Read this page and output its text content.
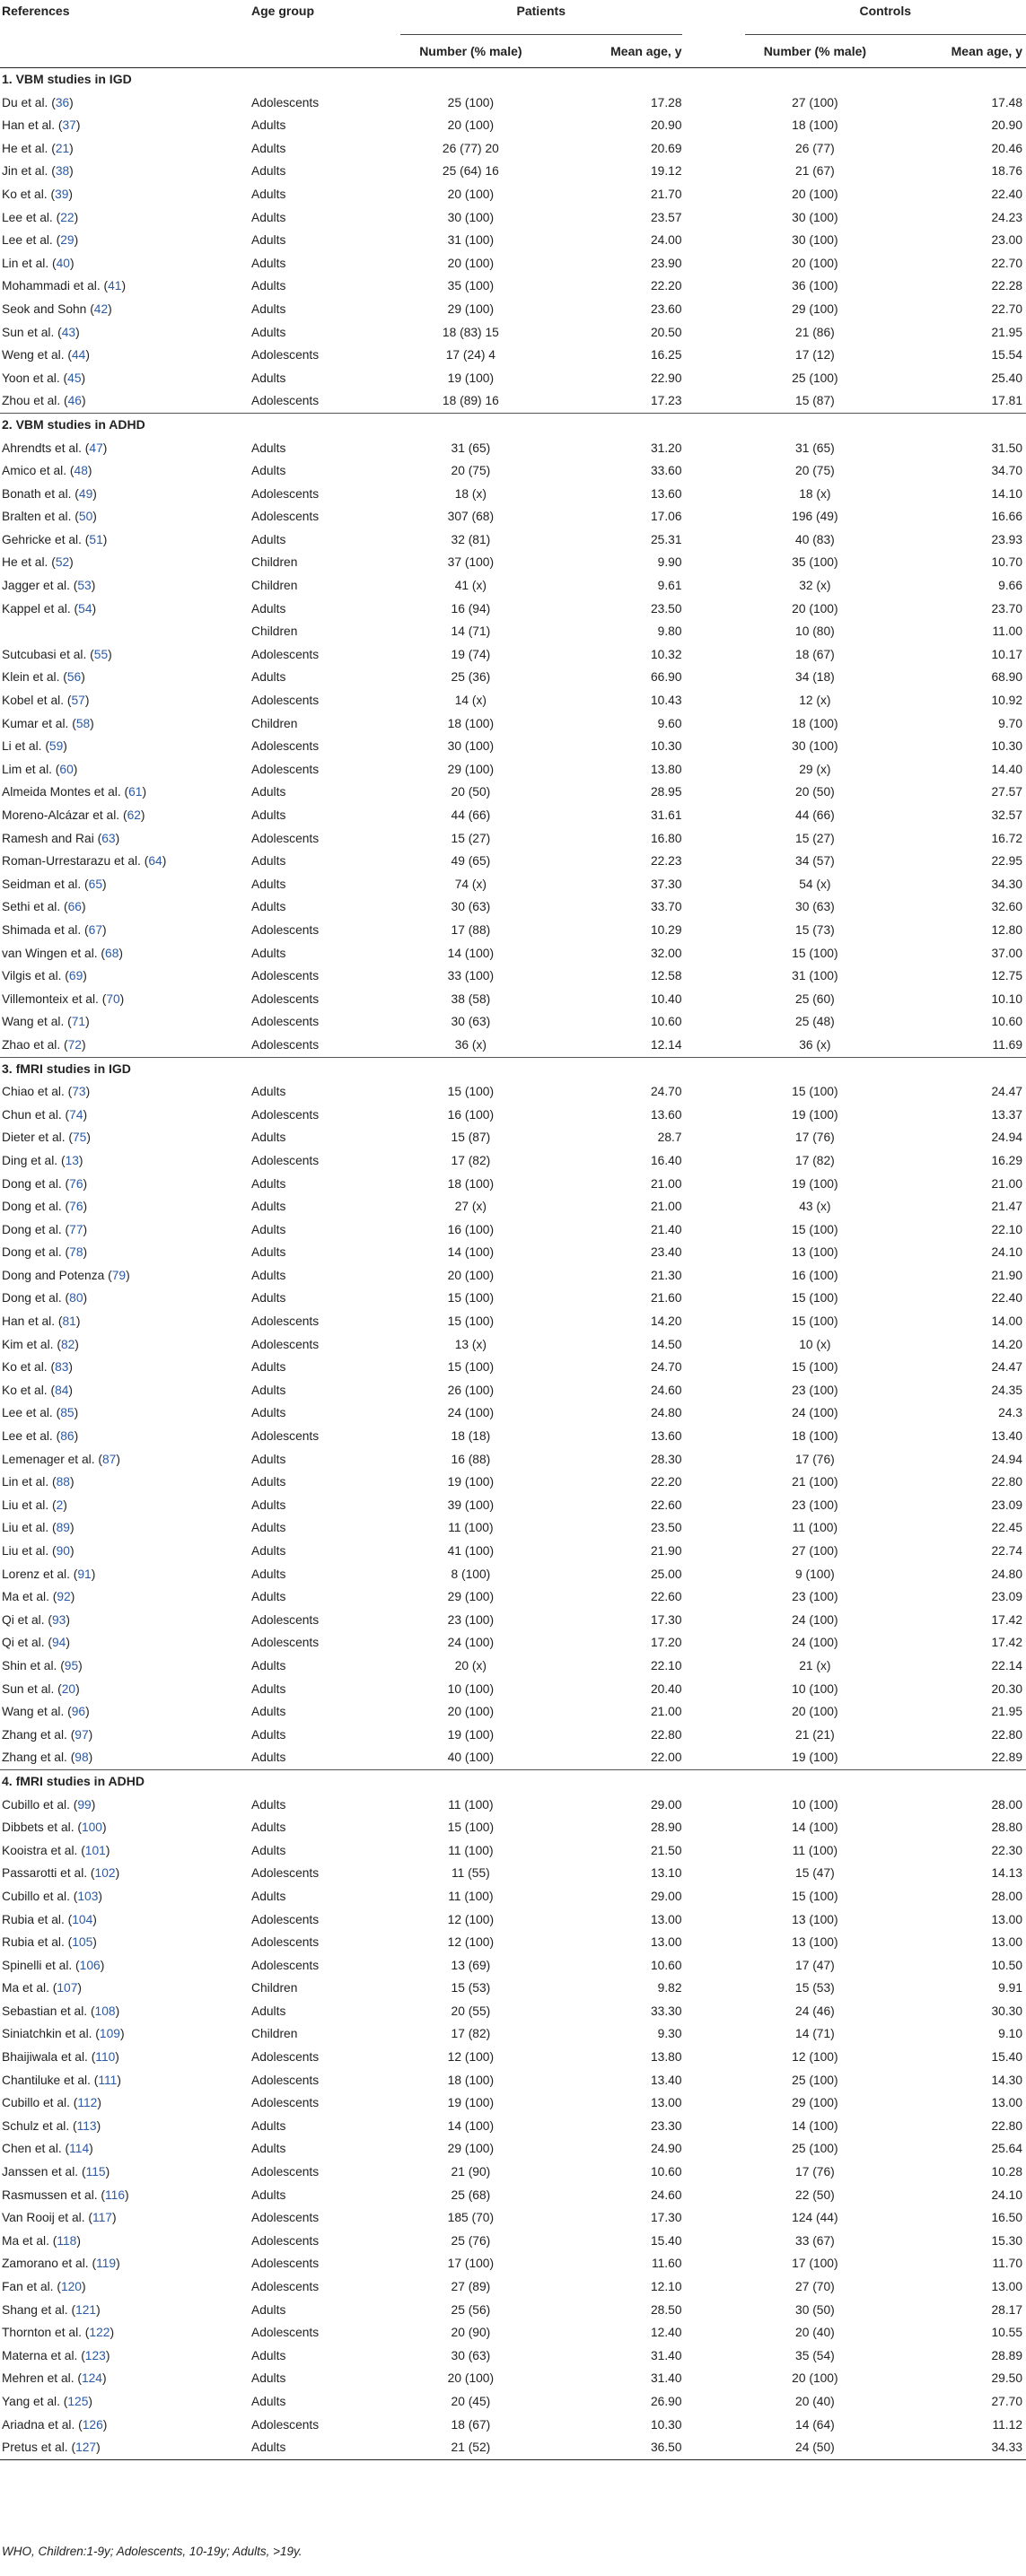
References	Age group	Patients			Controls	
		Number (% male)	Mean age, y		Number (% male)	Mean age, y
1. VBM studies in IGD						
Du et al. (36)	Adolescents	25 (100)	17.28		27 (100)	17.48
Han et al. (37)	Adults	20 (100)	20.90		18 (100)	20.90
He et al. (21)	Adults	26 (77) 20	20.69		26 (77)	20.46
Jin et al. (38)	Adults	25 (64) 16	19.12		21 (67)	18.76
Ko et al. (39)	Adults	20 (100)	21.70		20 (100)	22.40
Lee et al. (22)	Adults	30 (100)	23.57		30 (100)	24.23
Lee et al. (29)	Adults	31 (100)	24.00		30 (100)	23.00
Lin et al. (40)	Adults	20 (100)	23.90		20 (100)	22.70
Mohammadi et al. (41)	Adults	35 (100)	22.20		36 (100)	22.28
Seok and Sohn (42)	Adults	29 (100)	23.60		29 (100)	22.70
Sun et al. (43)	Adults	18 (83) 15	20.50		21 (86)	21.95
Weng et al. (44)	Adolescents	17 (24) 4	16.25		17 (12)	15.54
Yoon et al. (45)	Adults	19 (100)	22.90		25 (100)	25.40
Zhou et al. (46)	Adolescents	18 (89) 16	17.23		15 (87)	17.81
2. VBM studies in ADHD						
Ahrendts et al. (47)	Adults	31 (65)	31.20		31 (65)	31.50
Amico et al. (48)	Adults	20 (75)	33.60		20 (75)	34.70
Bonath et al. (49)	Adolescents	18 (x)	13.60		18 (x)	14.10
Bralten et al. (50)	Adolescents	307 (68)	17.06		196 (49)	16.66
Gehricke et al. (51)	Adults	32 (81)	25.31		40 (83)	23.93
He et al. (52)	Children	37 (100)	9.90		35 (100)	10.70
Jagger et al. (53)	Children	41 (x)	9.61		32 (x)	9.66
Kappel et al. (54)	Adults	16 (94)	23.50		20 (100)	23.70
	Children	14 (71)	9.80		10 (80)	11.00
Sutcubasi et al. (55)	Adolescents	19 (74)	10.32		18 (67)	10.17
Klein et al. (56)	Adults	25 (36)	66.90		34 (18)	68.90
Kobel et al. (57)	Adolescents	14 (x)	10.43		12 (x)	10.92
Kumar et al. (58)	Children	18 (100)	9.60		18 (100)	9.70
Li et al. (59)	Adolescents	30 (100)	10.30		30 (100)	10.30
Lim et al. (60)	Adolescents	29 (100)	13.80		29 (x)	14.40
Almeida Montes et al. (61)	Adults	20 (50)	28.95		20 (50)	27.57
Moreno-Alcázar et al. (62)	Adults	44 (66)	31.61		44 (66)	32.57
Ramesh and Rai (63)	Adolescents	15 (27)	16.80		15 (27)	16.72
Roman-Urrestarazu et al. (64)	Adults	49 (65)	22.23		34 (57)	22.95
Seidman et al. (65)	Adults	74 (x)	37.30		54 (x)	34.30
Sethi et al. (66)	Adults	30 (63)	33.70		30 (63)	32.60
Shimada et al. (67)	Adolescents	17 (88)	10.29		15 (73)	12.80
van Wingen et al. (68)	Adults	14 (100)	32.00		15 (100)	37.00
Vilgis et al. (69)	Adolescents	33 (100)	12.58		31 (100)	12.75
Villemonteix et al. (70)	Adolescents	38 (58)	10.40		25 (60)	10.10
Wang et al. (71)	Adolescents	30 (63)	10.60		25 (48)	10.60
Zhao et al. (72)	Adolescents	36 (x)	12.14		36 (x)	11.69
3. fMRI studies in IGD						
Chiao et al. (73)	Adults	15 (100)	24.70		15 (100)	24.47
Chun et al. (74)	Adolescents	16 (100)	13.60		19 (100)	13.37
Dieter et al. (75)	Adults	15 (87)	28.7		17 (76)	24.94
Ding et al. (13)	Adolescents	17 (82)	16.40		17 (82)	16.29
Dong et al. (76)	Adults	18 (100)	21.00		19 (100)	21.00
Dong et al. (76)	Adults	27 (x)	21.00		43 (x)	21.47
Dong et al. (77)	Adults	16 (100)	21.40		15 (100)	22.10
Dong et al. (78)	Adults	14 (100)	23.40		13 (100)	24.10
Dong and Potenza (79)	Adults	20 (100)	21.30		16 (100)	21.90
Dong et al. (80)	Adults	15 (100)	21.60		15 (100)	22.40
Han et al. (81)	Adolescents	15 (100)	14.20		15 (100)	14.00
Kim et al. (82)	Adolescents	13 (x)	14.50		10 (x)	14.20
Ko et al. (83)	Adults	15 (100)	24.70		15 (100)	24.47
Ko et al. (84)	Adults	26 (100)	24.60		23 (100)	24.35
Lee et al. (85)	Adults	24 (100)	24.80		24 (100)	24.3
Lee et al. (86)	Adolescents	18 (18)	13.60		18 (100)	13.40
Lemenager et al. (87)	Adults	16 (88)	28.30		17 (76)	24.94
Lin et al. (88)	Adults	19 (100)	22.20		21 (100)	22.80
Liu et al. (2)	Adults	39 (100)	22.60		23 (100)	23.09
Liu et al. (89)	Adults	11 (100)	23.50		11 (100)	22.45
Liu et al. (90)	Adults	41 (100)	21.90		27 (100)	22.74
Lorenz et al. (91)	Adults	8 (100)	25.00		9 (100)	24.80
Ma et al. (92)	Adults	29 (100)	22.60		23 (100)	23.09
Qi et al. (93)	Adolescents	23 (100)	17.30		24 (100)	17.42
Qi et al. (94)	Adolescents	24 (100)	17.20		24 (100)	17.42
Shin et al. (95)	Adults	20 (x)	22.10		21 (x)	22.14
Sun et al. (20)	Adults	10 (100)	20.40		10 (100)	20.30
Wang et al. (96)	Adults	20 (100)	21.00		20 (100)	21.95
Zhang et al. (97)	Adults	19 (100)	22.80		21 (21)	22.80
Zhang et al. (98)	Adults	40 (100)	22.00		19 (100)	22.89
4. fMRI studies in ADHD						
Cubillo et al. (99)	Adults	11 (100)	29.00		10 (100)	28.00
Dibbets et al. (100)	Adults	15 (100)	28.90		14 (100)	28.80
Kooistra et al. (101)	Adults	11 (100)	21.50		11 (100)	22.30
Passarotti et al. (102)	Adolescents	11 (55)	13.10		15 (47)	14.13
Cubillo et al. (103)	Adults	11 (100)	29.00		15 (100)	28.00
Rubia et al. (104)	Adolescents	12 (100)	13.00		13 (100)	13.00
Rubia et al. (105)	Adolescents	12 (100)	13.00		13 (100)	13.00
Spinelli et al. (106)	Adolescents	13 (69)	10.60		17 (47)	10.50
Ma et al. (107)	Children	15 (53)	9.82		15 (53)	9.91
Sebastian et al. (108)	Adults	20 (55)	33.30		24 (46)	30.30
Siniatchkin et al. (109)	Children	17 (82)	9.30		14 (71)	9.10
Bhaijiwala et al. (110)	Adolescents	12 (100)	13.80		12 (100)	15.40
Chantiluke et al. (111)	Adolescents	18 (100)	13.40		25 (100)	14.30
Cubillo et al. (112)	Adolescents	19 (100)	13.00		29 (100)	13.00
Schulz et al. (113)	Adults	14 (100)	23.30		14 (100)	22.80
Chen et al. (114)	Adults	29 (100)	24.90		25 (100)	25.64
Janssen et al. (115)	Adolescents	21 (90)	10.60		17 (76)	10.28
Rasmussen et al. (116)	Adults	25 (68)	24.60		22 (50)	24.10
Van Rooij et al. (117)	Adolescents	185 (70)	17.30		124 (44)	16.50
Ma et al. (118)	Adolescents	25 (76)	15.40		33 (67)	15.30
Zamorano et al. (119)	Adolescents	17 (100)	11.60		17 (100)	11.70
Fan et al. (120)	Adolescents	27 (89)	12.10		27 (70)	13.00
Shang et al. (121)	Adults	25 (56)	28.50		30 (50)	28.17
Thornton et al. (122)	Adolescents	20 (90)	12.40		20 (40)	10.55
Materna et al. (123)	Adults	30 (63)	31.40		35 (54)	28.89
Mehren et al. (124)	Adults	20 (100)	31.40		20 (100)	29.50
Yang et al. (125)	Adults	20 (45)	26.90		20 (40)	27.70
Ariadna et al. (126)	Adolescents	18 (67)	10.30		14 (64)	11.12
Pretus et al. (127)	Adults	21 (52)	36.50		24 (50)	34.33
WHO, Children:1-9y; Adolescents, 10-19y; Adults, >19y.
